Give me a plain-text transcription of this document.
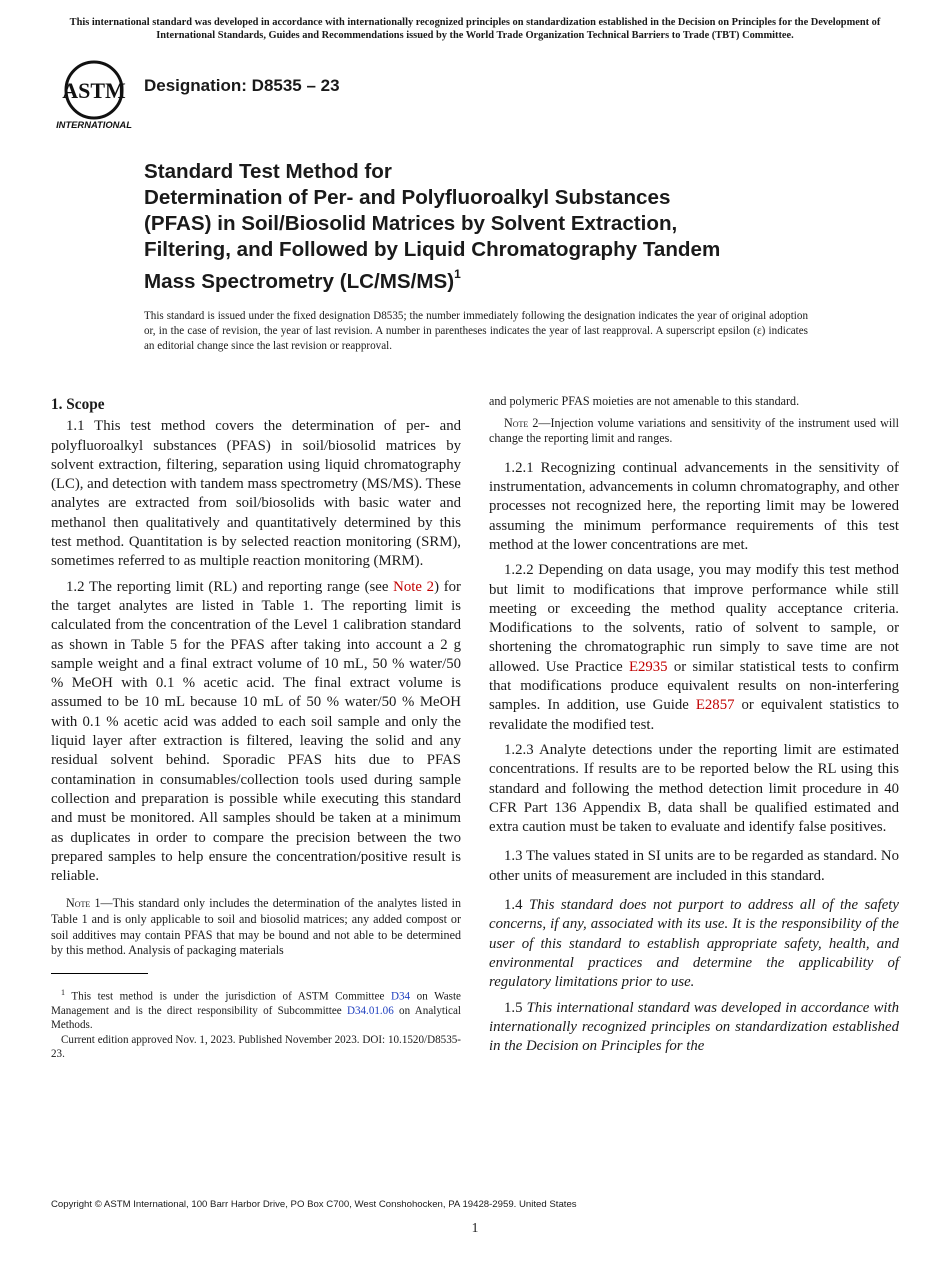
This international standard was developed in accordance with internationally recognized principles on standardization established in the Decision on Principles for the Development of International Standards, Guides and Recommendations issued by the World Trade Organization Technical Barriers to Trade (TBT) Committee.
ASTM
INTERNATIONAL
Designation: D8535 – 23
Standard Test Method for
Determination of Per- and Polyfluoroalkyl Substances
(PFAS) in Soil/Biosolid Matrices by Solvent Extraction,
Filtering, and Followed by Liquid Chromatography Tandem
Mass Spectrometry $(LC/MS/MS)^1$
This standard is issued under the fixed designation D8535; the number immediately following the designation indicates the year of original adoption or, in the case of revision, the year of last revision. A number in parentheses indicates the year of last reapproval. A superscript epsilon (ε) indicates an editorial change since the last revision or reapproval.

1. Scope

1.1 This test method covers the determination of per- and polyfluoroalkyl substances (PFAS) in soil/biosolid matrices by solvent extraction, filtering, separation using liquid chromatography (LC), and detection with tandem mass spectrometry (MS/MS). These analytes are extracted from soil/biosolids with basic water and methanol then qualitatively and quantitatively determined by this test method. Quantitation is by selected reaction monitoring (SRM), sometimes referred to as multiple reaction monitoring (MRM).

1.2 The reporting limit (RL) and reporting range (see Note 2) for the target analytes are listed in Table 1. The reporting limit is calculated from the concentration of the Level 1 calibration standard as shown in Table 5 for the PFAS after taking into account a 2 g sample weight and a final extract volume of 10 mL, 50 % water/50 % MeOH with 0.1 % acetic acid. The final extract volume is assumed to be 10 mL because 10 mL of 50 % water/50 % MeOH with 0.1 % acetic acid was added to each soil sample and only the liquid layer after extraction is filtered, leaving the solid and any residual solvent behind. Sporadic PFAS hits due to PFAS contamination in consumables/collection tools used during sample collection and preparation is possible while executing this standard and must be monitored. All samples should be taken at a minimum as duplicates in order to compare the precision between the two prepared samples to help ensure the concentration/positive result is reliable.

Note 1—This standard only includes the determination of the analytes listed in Table 1 and is only applicable to soil and biosolid matrices; any added compost or soil additives may contain PFAS that may be bound and not able to be determined by this method. Analysis of packaging materials

$^1$ This test method is under the jurisdiction of ASTM Committee D34 on Waste Management and is the direct responsibility of Subcommittee D34.01.06 on Analytical Methods.

Current edition approved Nov. 1, 2023. Published November 2023. DOI: 10.1520/D8535-23.

and polymeric PFAS moieties are not amenable to this standard.

Note 2—Injection volume variations and sensitivity of the instrument used will change the reporting limit and ranges.

1.2.1 Recognizing continual advancements in the sensitivity of instrumentation, advancements in column chromatography, and other processes not recognized here, the reporting limit may be lowered assuming the minimum performance requirements of this test method at the lower concentrations are met.

1.2.2 Depending on data usage, you may modify this test method but limit to modifications that improve performance while still meeting or exceeding the method quality acceptance criteria. Modifications to the solvents, ratio of solvent to sample, or shortening the chromatographic run simply to save time are not allowed. Use Practice E2935 or similar statistical tests to confirm that modifications produce equivalent results on non-interfering samples. In addition, use Guide E2857 or equivalent statistics to revalidate the modified test.

1.2.3 Analyte detections under the reporting limit are estimated concentrations. If results are to be reported below the RL using this standard and following the method detection limit procedure in 40 CFR Part 136 Appendix B, data shall be qualified estimated and extra caution must be taken to evaluate and identify false positives.

1.3 The values stated in SI units are to be regarded as standard. No other units of measurement are included in this standard.

1.4 This standard does not purport to address all of the safety concerns, if any, associated with its use. It is the responsibility of the user of this standard to establish appropriate safety, health, and environmental practices and determine the applicability of regulatory limitations prior to use.

1.5 This international standard was developed in accordance with internationally recognized principles on standardization established in the Decision on Principles for the

Copyright © ASTM International, 100 Barr Harbor Drive, PO Box C700, West Conshohocken, PA 19428-2959. United States
1
